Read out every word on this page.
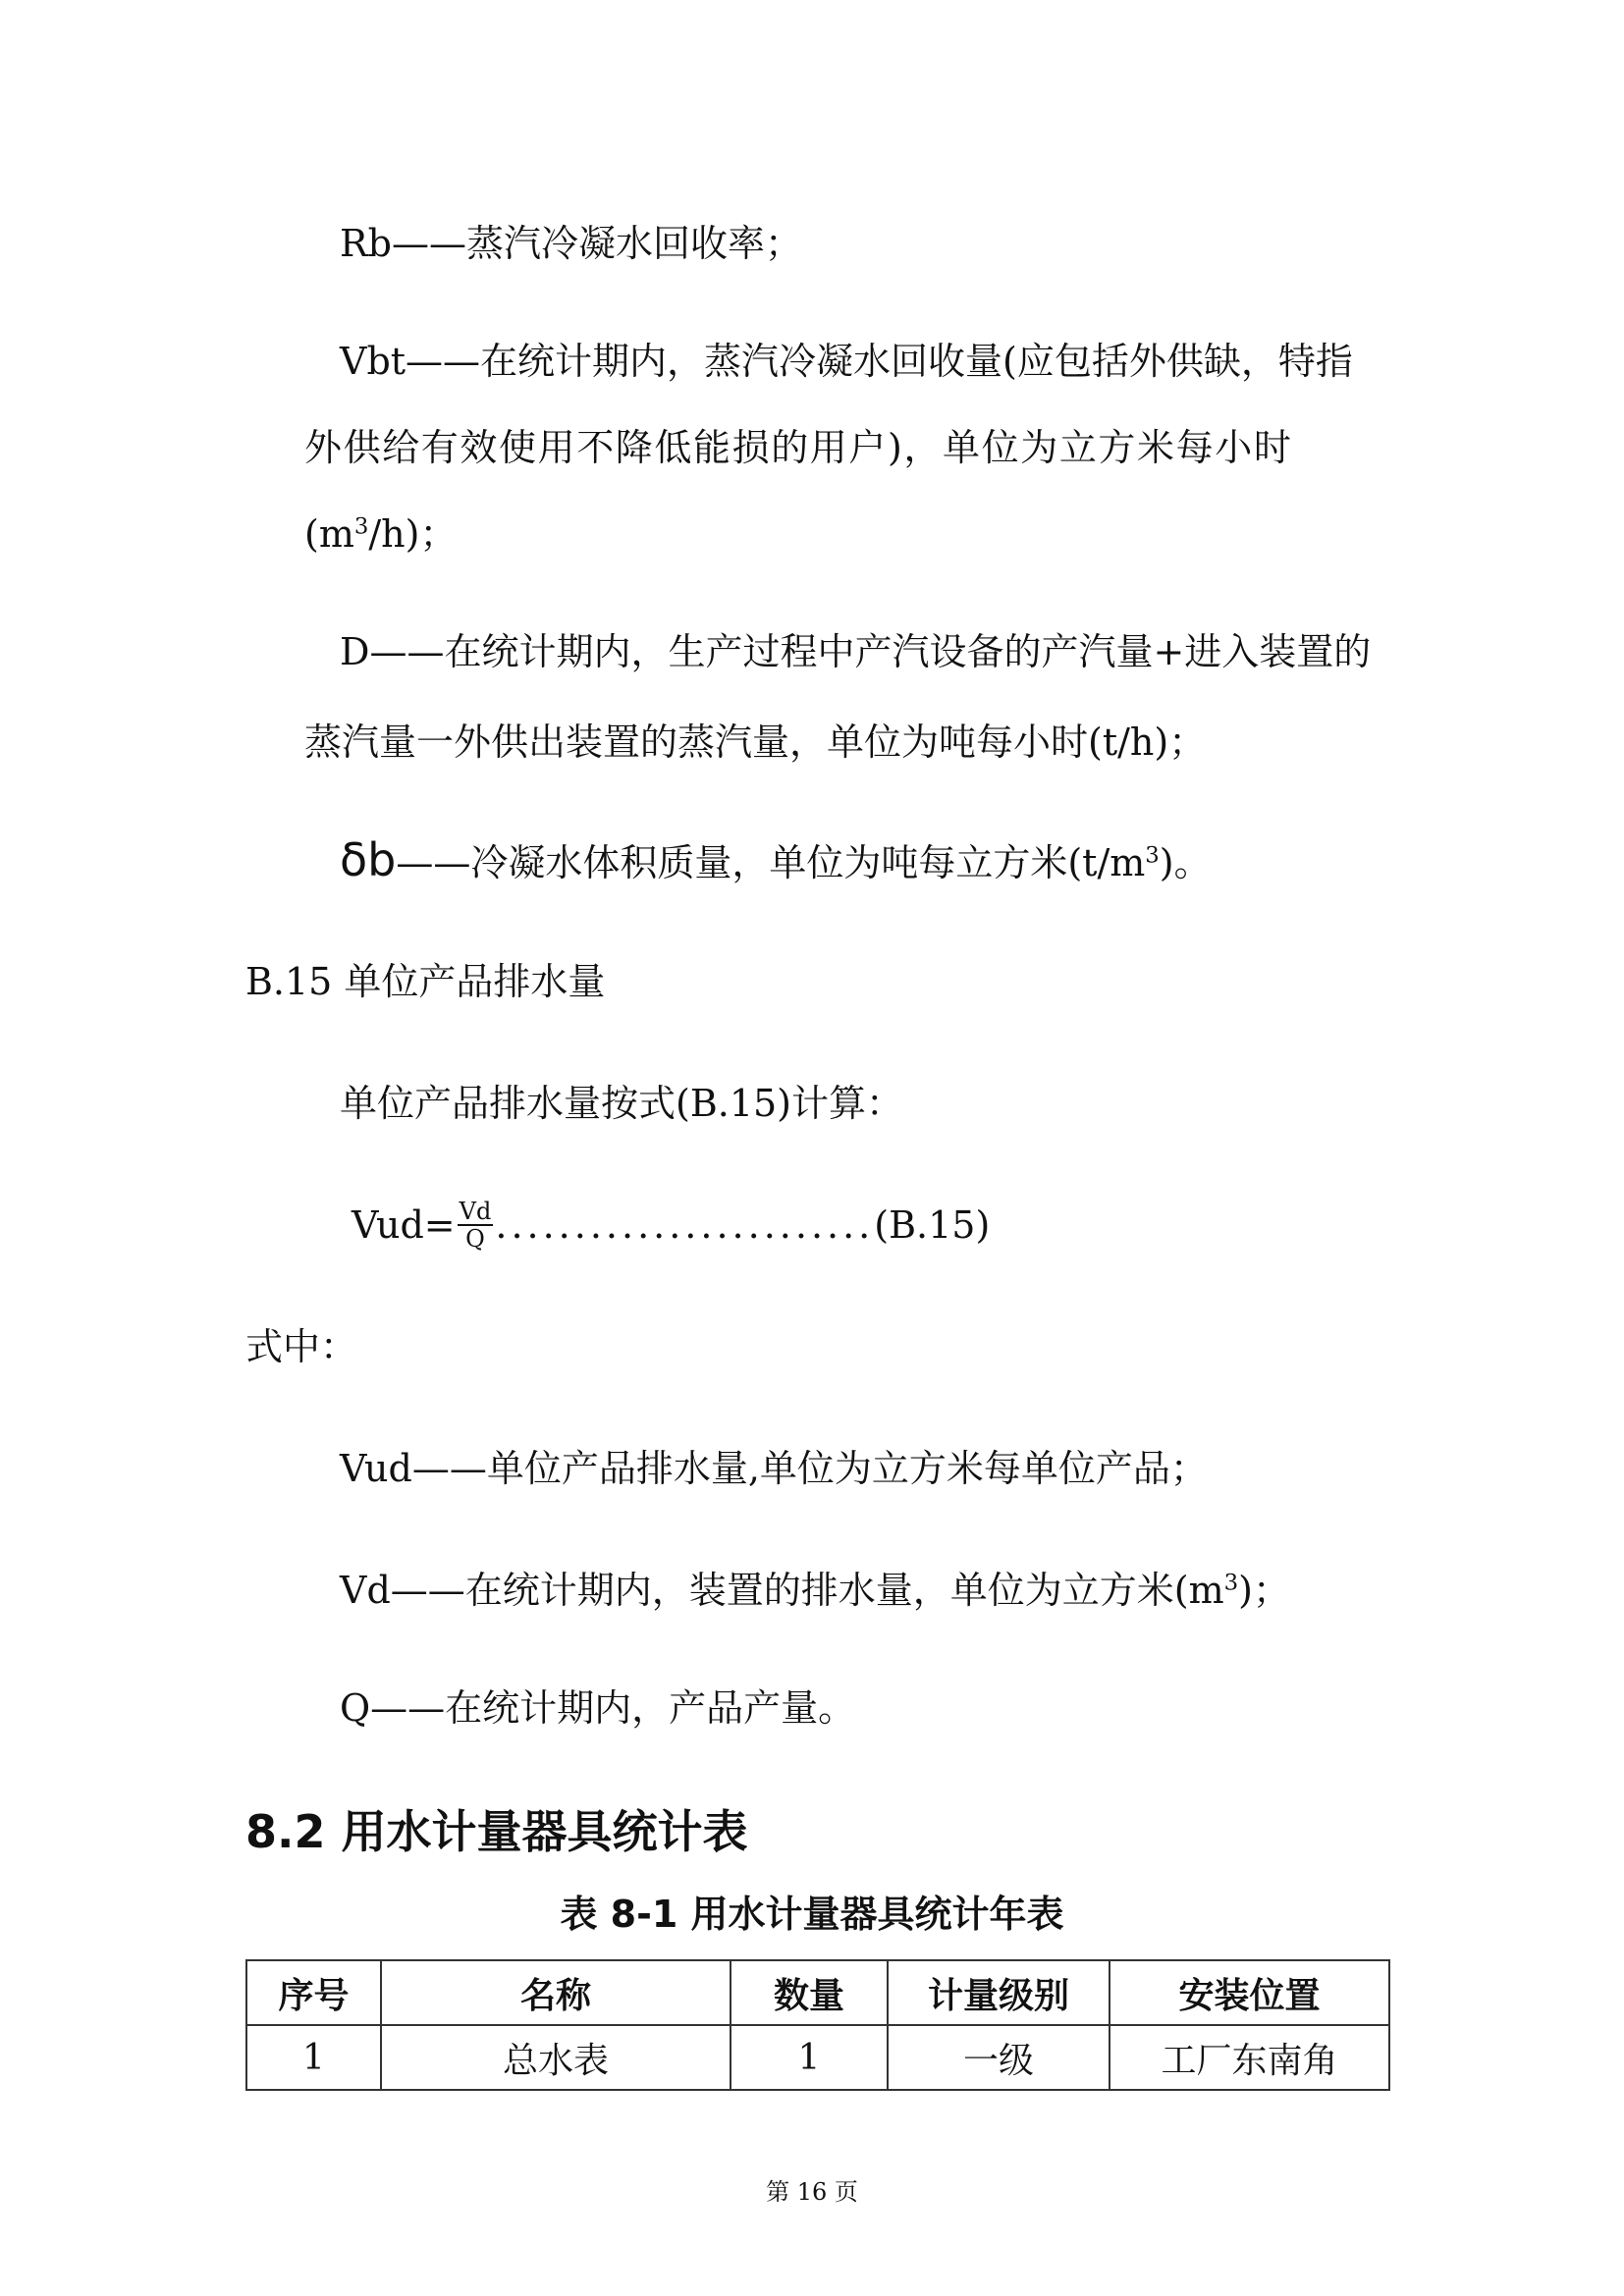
Rb——蒸汽冷凝水回收率；
Vbt——在统计期内，蒸汽冷凝水回收量(应包括外供缺，特指
外供给有效使用不降低能损的用户)，单位为立方米每小时
$(m^3/h)$；
D——在统计期内，生产过程中产汽设备的产汽量+进入装置的
蒸汽量一外供出装置的蒸汽量，单位为吨每小时(t/h)；
δb——冷凝水体积质量，单位为吨每立方米$(t/m^3)$。
B.15 单位产品排水量
单位产品排水量按式(B.15)计算：
$Vud= \frac{Vd}{Q} ........................(B.15)$
式中：
Vud——单位产品排水量,单位为立方米每单位产品；
Vd——在统计期内，装置的排水量，单位为立方米$(m^3)$；
Q——在统计期内，产品产量。
8.2 用水计量器具统计表
表 8-1 用水计量器具统计年表
序号	名称	数量	计量级别	安装位置
1	总水表	1	一级	工厂东南角
第 16 页
